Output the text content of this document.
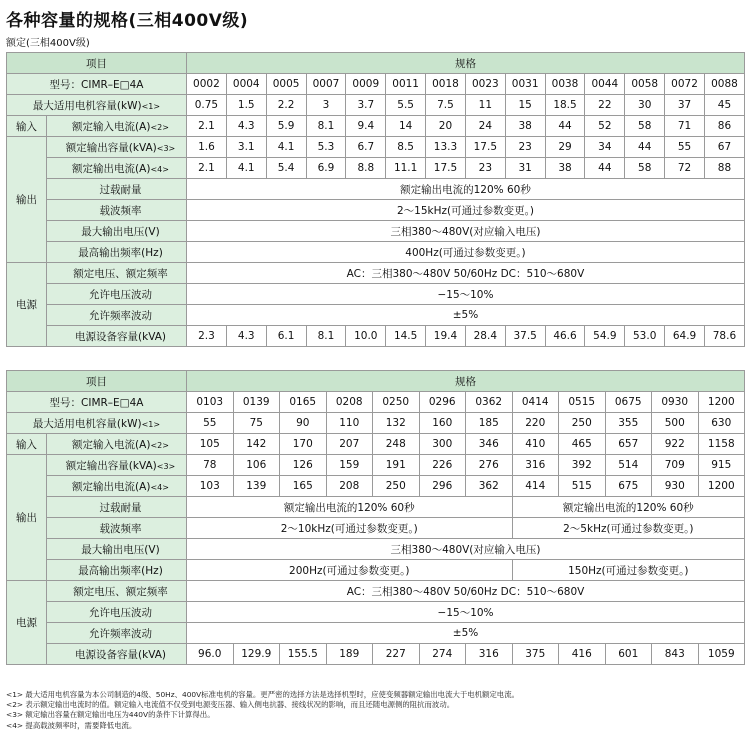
各种容量的规格(三相400V级)
额定(三相400V级)
项目		规格													
型号：CIMR–E□4A		0002	0004	0005	0007	0009	0011	0018	0023	0031	0038	0044	0058	0072	0088
最大适用电机容量(kW)<1>		0.75	1.5	2.2	3	3.7	5.5	7.5	11	15	18.5	22	30	37	45
输入	额定输入电流(A)<2>	2.1	4.3	5.9	8.1	9.4	14	20	24	38	44	52	58	71	86
输出	额定输出容量(kVA)<3>	1.6	3.1	4.1	5.3	6.7	8.5	13.3	17.5	23	29	34	44	55	67
	额定输出电流(A)<4>	2.1	4.1	5.4	6.9	8.8	11.1	17.5	23	31	38	44	58	72	88
	过载耐量	额定输出电流的120% 60秒													
	载波频率	2～15kHz(可通过参数变更。)													
	最大输出电压(V)	三相380～480V(对应输入电压)													
	最高输出频率(Hz)	400Hz(可通过参数变更。)													
电源	额定电压、额定频率	AC：三相380～480V 50/60Hz DC：510～680V													
	允许电压波动	−15～10%													
	允许频率波动	±5%													
	电源设备容量(kVA)	2.3	4.3	6.1	8.1	10.0	14.5	19.4	28.4	37.5	46.6	54.9	53.0	64.9	78.6
项目		规格											
型号：CIMR–E□4A		0103	0139	0165	0208	0250	0296	0362	0414	0515	0675	0930	1200
最大适用电机容量(kW)<1>		55	75	90	110	132	160	185	220	250	355	500	630
输入	额定输入电流(A)<2>	105	142	170	207	248	300	346	410	465	657	922	1158
输出	额定输出容量(kVA)<3>	78	106	126	159	191	226	276	316	392	514	709	915
	额定输出电流(A)<4>	103	139	165	208	250	296	362	414	515	675	930	1200
	过载耐量	额定输出电流的120% 60秒							额定输出电流的120% 60秒				
	载波频率	2～10kHz(可通过参数变更。)							2～5kHz(可通过参数变更。)				
	最大输出电压(V)	三相380～480V(对应输入电压)											
	最高输出频率(Hz)	200Hz(可通过参数变更。)							150Hz(可通过参数变更。)				
电源	额定电压、额定频率	AC：三相380～480V 50/60Hz DC：510～680V											
	允许电压波动	−15～10%											
	允许频率波动	±5%											
	电源设备容量(kVA)	96.0	129.9	155.5	189	227	274	316	375	416	601	843	1059
<1> 最大适用电机容量为本公司制造的4级、50Hz、400V标准电机的容量。更严密的选择方法是选择机型时，应使变频器额定输出电流大于电机额定电流。
<2> 表示额定输出电流时的值。额定输入电流值不仅受到电源变压器、输入侧电抗器、接线状况的影响，而且还随电源侧的阻抗而波动。
<3> 额定输出容量在额定输出电压为440V的条件下计算得出。
<4> 提高载波频率时，需要降低电流。
